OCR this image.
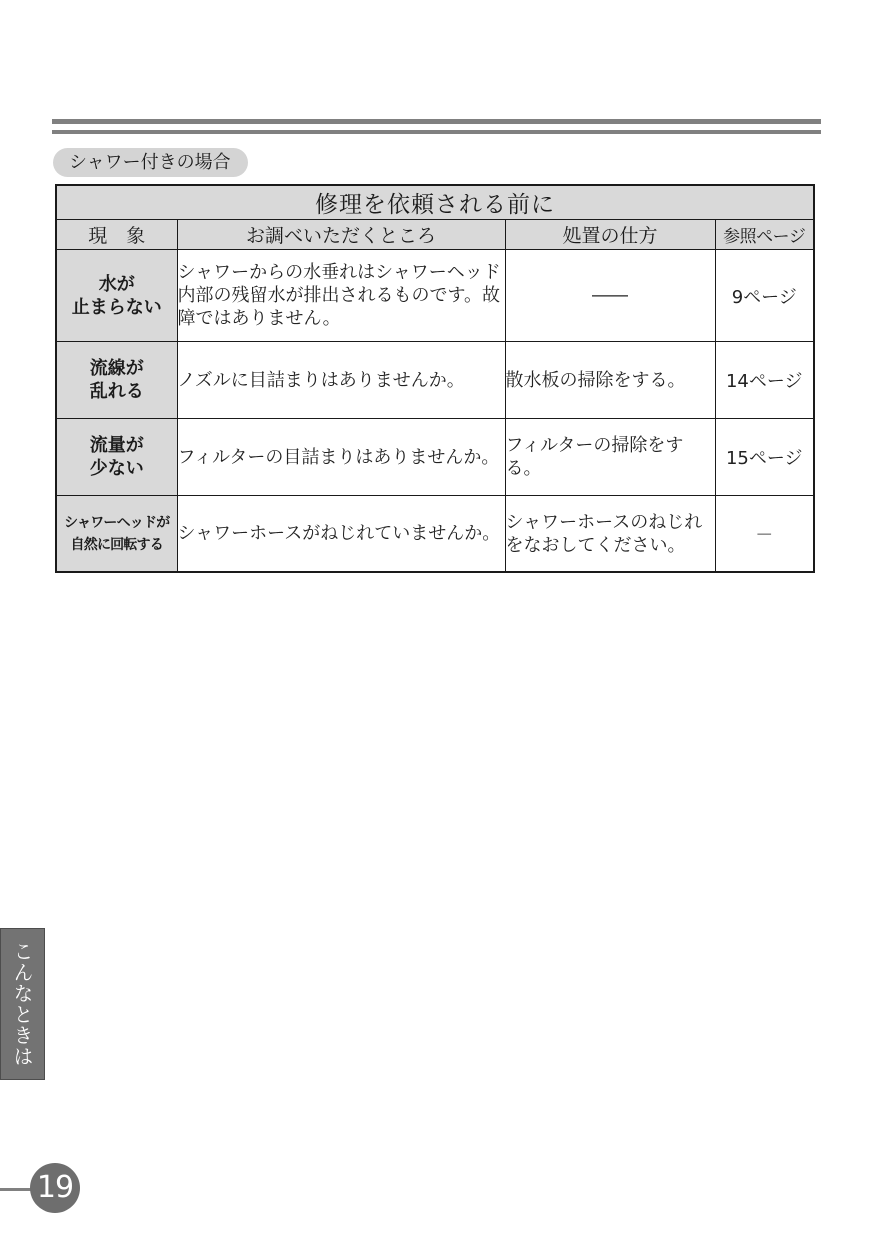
シャワー付きの場合
修理を依頼される前に			
現　象	お調べいただくところ	処置の仕方	参照ページ

水が
止まらない	シャワーからの水垂れはシャワーヘッド内部の残留水が排出されるものです。故障ではありません。	――	9ページ

流線が
乱れる	ノズルに目詰まりはありませんか。	散水板の掃除をする。	14ページ

流量が
少ない	フィルターの目詰まりはありませんか。	フィルターの掃除をする。	15ページ

シャワーヘッドが
自然に回転する	シャワーホースがねじれていませんか。	シャワーホースのねじれをなおしてください。	－
こんなときは
19
